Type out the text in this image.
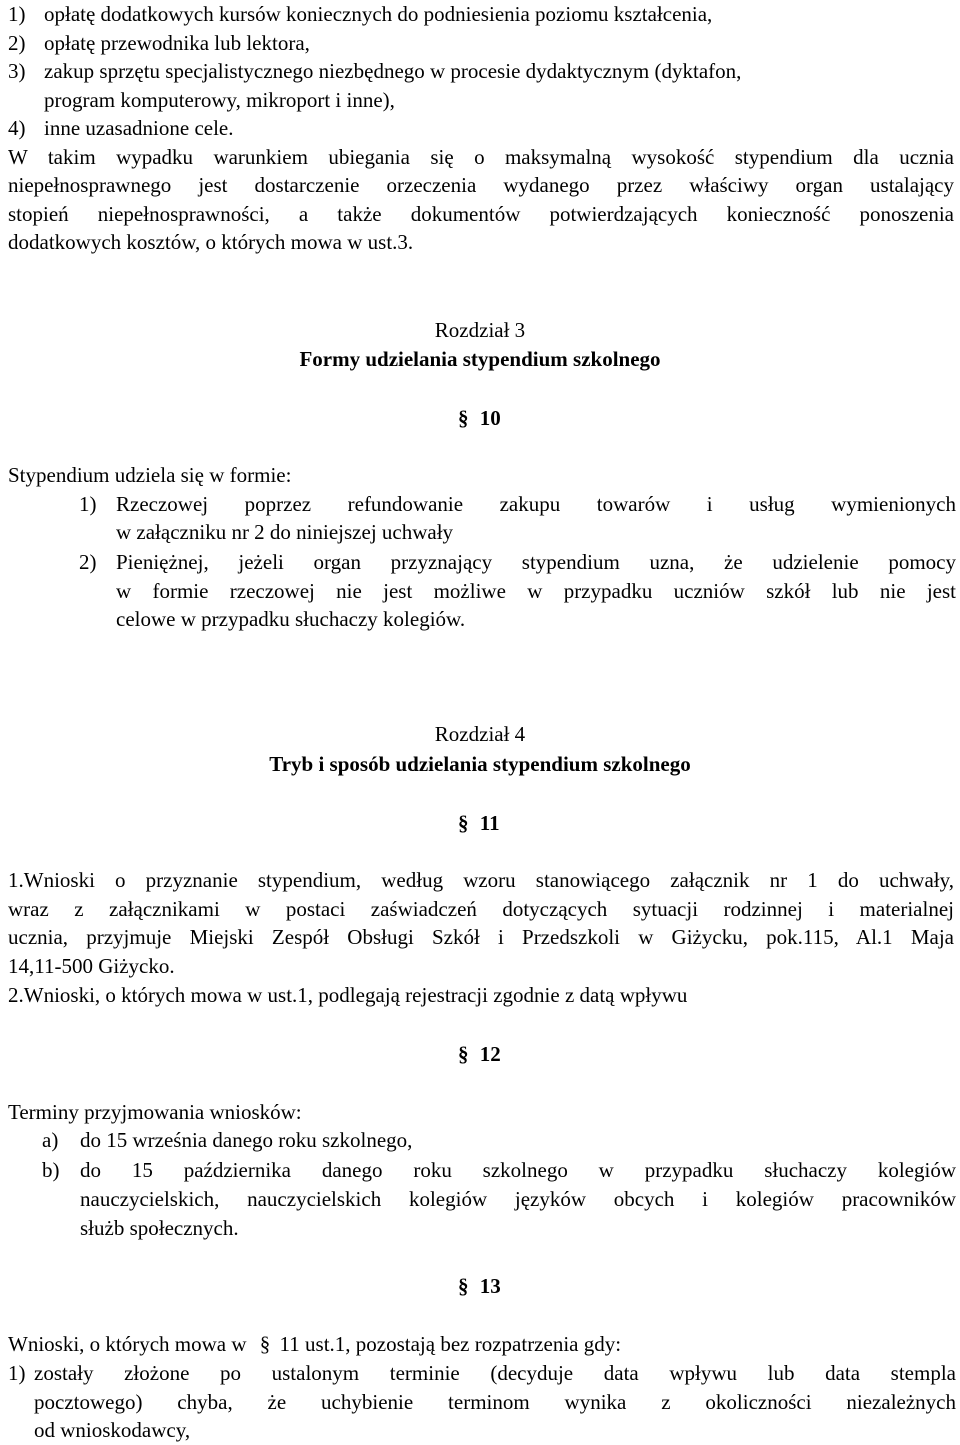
1) opłatę dodatkowych kursów koniecznych do podniesienia poziomu kształcenia,
2) opłatę przewodnika lub lektora,
3) zakup sprzętu specjalistycznego niezbędnego w procesie dydaktycznym (dyktafon,
program komputerowy, mikroport i inne),
4) inne uzasadnione cele.
W takim wypadku warunkiem ubiegania się o maksymalną wysokość stypendium dla ucznia
niepełnosprawnego jest dostarczenie orzeczenia wydanego przez właściwy organ ustalający
stopień niepełnosprawności, a także dokumentów potwierdzających konieczność ponoszenia
dodatkowych kosztów, o których mowa w ust.3.
Rozdział 3
Formy udzielania stypendium szkolnego
§ 10
Stypendium udziela się w formie:
1) Rzeczowej poprzez refundowanie zakupu towarów i usług wymienionych
w załączniku nr 2 do niniejszej uchwały
2) Pieniężnej, jeżeli organ przyznający stypendium uzna, że udzielenie pomocy
w formie rzeczowej nie jest możliwe w przypadku uczniów szkół lub nie jest
celowe w przypadku słuchaczy kolegiów.
Rozdział 4
Tryb i sposób udzielania stypendium szkolnego
§ 11
1.Wnioski o przyznanie stypendium, według wzoru stanowiącego załącznik nr 1 do uchwały,
wraz z załącznikami w postaci zaświadczeń dotyczących sytuacji rodzinnej i materialnej
ucznia, przyjmuje Miejski Zespół Obsługi Szkół i Przedszkoli w Giżycku, pok.115, Al.1 Maja
14,11-500 Giżycko.
2.Wnioski, o których mowa w ust.1, podlegają rejestracji zgodnie z datą wpływu
§ 12
Terminy przyjmowania wniosków:
a) do 15 września danego roku szkolnego,
b) do 15 października danego roku szkolnego w przypadku słuchaczy kolegiów
nauczycielskich, nauczycielskich kolegiów języków obcych i kolegiów pracowników
służb społecznych.
§ 13
Wnioski, o których mowa w § 11 ust.1, pozostają bez rozpatrzenia gdy:
1) zostały złożone po ustalonym terminie (decyduje data wpływu lub data stempla
pocztowego) chyba, że uchybienie terminom wynika z okoliczności niezależnych
od wnioskodawcy,
